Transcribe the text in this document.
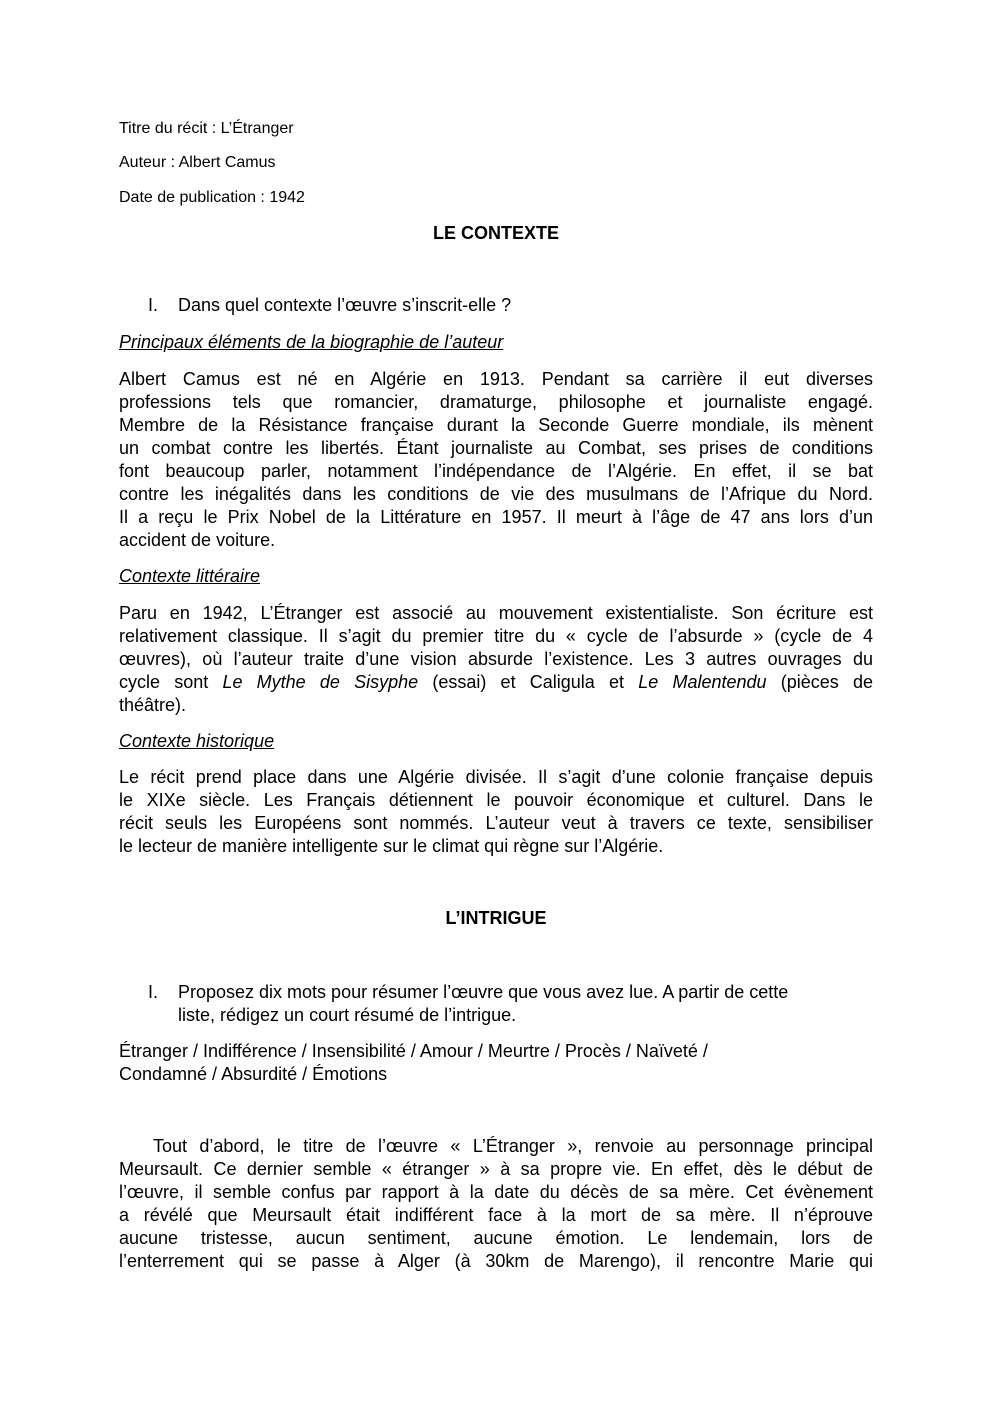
Titre du récit : L’Étranger
Auteur : Albert Camus
Date de publication : 1942
LE CONTEXTE
I. Dans quel contexte l’œuvre s’inscrit-elle ?
Principaux éléments de la biographie de l’auteur
Albert Camus est né en Algérie en 1913. Pendant sa carrière il eut diverses
professions tels que romancier, dramaturge, philosophe et journaliste engagé.
Membre de la Résistance française durant la Seconde Guerre mondiale, ils mènent
un combat contre les libertés. Étant journaliste au Combat, ses prises de conditions
font beaucoup parler, notamment l’indépendance de l’Algérie. En effet, il se bat
contre les inégalités dans les conditions de vie des musulmans de l’Afrique du Nord.
Il a reçu le Prix Nobel de la Littérature en 1957. Il meurt à l’âge de 47 ans lors d’un
accident de voiture.
Contexte littéraire
Paru en 1942, L’Étranger est associé au mouvement existentialiste. Son écriture est
relativement classique. Il s’agit du premier titre du « cycle de l’absurde » (cycle de 4
œuvres), où l’auteur traite d’une vision absurde l’existence. Les 3 autres ouvrages du
cycle sont Le Mythe de Sisyphe (essai) et Caligula et Le Malentendu (pièces de
théâtre).
Contexte historique
Le récit prend place dans une Algérie divisée. Il s’agit d’une colonie française depuis
le XIXe siècle. Les Français détiennent le pouvoir économique et culturel. Dans le
récit seuls les Européens sont nommés. L’auteur veut à travers ce texte, sensibiliser
le lecteur de manière intelligente sur le climat qui règne sur l’Algérie.
L’INTRIGUE
I. Proposez dix mots pour résumer l’œuvre que vous avez lue. A partir de cette
liste, rédigez un court résumé de l’intrigue.
Étranger / Indifférence / Insensibilité / Amour / Meurtre / Procès / Naïveté /
Condamné / Absurdité / Émotions
Tout d’abord, le titre de l’œuvre « L’Étranger », renvoie au personnage principal
Meursault. Ce dernier semble « étranger » à sa propre vie. En effet, dès le début de
l’œuvre, il semble confus par rapport à la date du décès de sa mère. Cet évènement
a révélé que Meursault était indifférent face à la mort de sa mère. Il n’éprouve
aucune tristesse, aucun sentiment, aucune émotion. Le lendemain, lors de
l’enterrement qui se passe à Alger (à 30km de Marengo), il rencontre Marie qui
